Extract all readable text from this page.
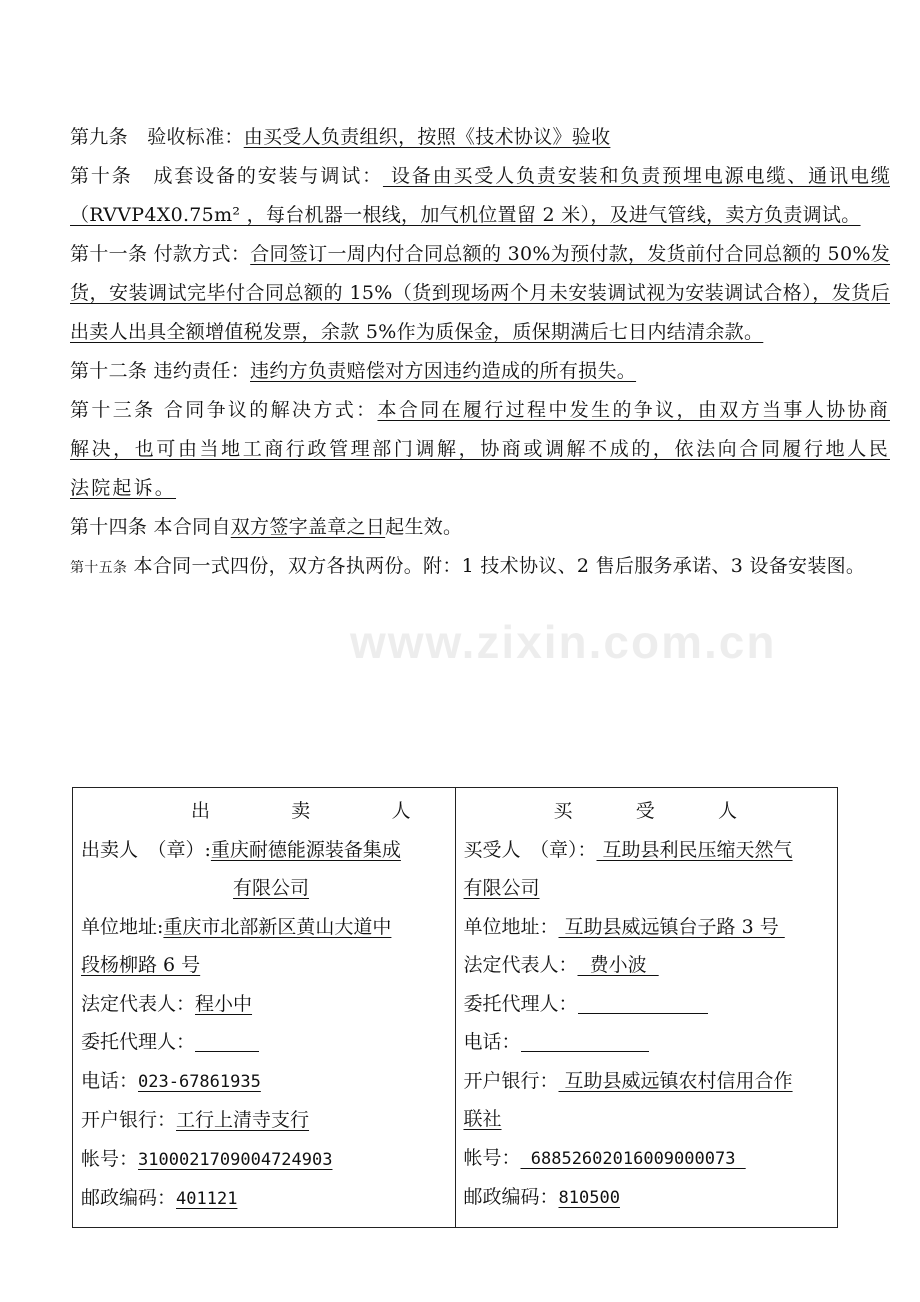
www.zixin.com.cn
第九条　验收标准：由买受人负责组织，按照《技术协议》验收
第十条　成套设备的安装与调试： 设备由买受人负责安装和负责预埋电源电缆、通讯电缆（RVVP4X0.75m² ，每台机器一根线，加气机位置留 2 米），及进气管线，卖方负责调试。
第十一条 付款方式：合同签订一周内付合同总额的 30%为预付款，发货前付合同总额的 50%发货，安装调试完毕付合同总额的 15%（货到现场两个月未安装调试视为安装调试合格），发货后出卖人出具全额增值税发票，余款 5%作为质保金，质保期满后七日内结清余款。
第十二条 违约责任：违约方负责赔偿对方因违约造成的所有损失。
第十三条 合同争议的解决方式：本合同在履行过程中发生的争议，由双方当事人协协商解决，也可由当地工商行政管理部门调解，协商或调解不成的，依法向合同履行地人民法院起诉。
第十四条 本合同自双方签字盖章之日起生效。
第十五条 本合同一式四份，双方各执两份。附：1 技术协议、2 售后服务承诺、3 设备安装图。
出	卖	人
出卖人　（章）:重庆耐德能源装备集成
有限公司
单位地址:重庆市北部新区黄山大道中
段杨柳路 6 号
法定代表人：程小中
委托代理人：
电话：023-67861935
开户银行：工行上清寺支行
帐号：3100021709004724903
邮政编码：401121

买	受	人
买受人　（章）： 互助县利民压缩天然气
有限公司
单位地址： 互助县威远镇台子路 3 号
法定代表人：  费小波
委托代理人：
电话：
开户银行： 互助县威远镇农村信用合作
联社
帐号： 68852602016009000073
邮政编码：810500
